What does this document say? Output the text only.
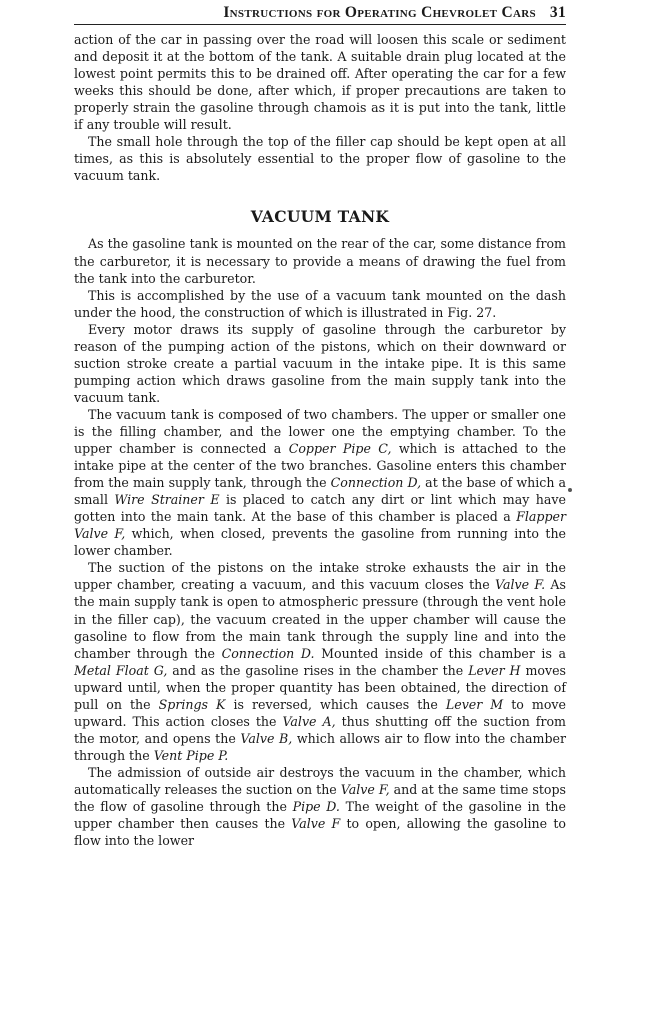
Instructions for Operating Chevrolet Cars 31

action of the car in passing over the road will loosen this scale or sediment and deposit it at the bottom of the tank. A suitable drain plug located at the lowest point permits this to be drained off. After operating the car for a few weeks this should be done, after which, if proper precautions are taken to properly strain the gasoline through chamois as it is put into the tank, little if any trouble will result.

The small hole through the top of the filler cap should be kept open at all times, as this is absolutely essential to the proper flow of gasoline to the vacuum tank.

VACUUM TANK

As the gasoline tank is mounted on the rear of the car, some distance from the carburetor, it is necessary to provide a means of drawing the fuel from the tank into the carburetor.

This is accomplished by the use of a vacuum tank mounted on the dash under the hood, the construction of which is illustrated in Fig. 27.

Every motor draws its supply of gasoline through the carburetor by reason of the pumping action of the pistons, which on their downward or suction stroke create a partial vacuum in the intake pipe. It is this same pumping action which draws gasoline from the main supply tank into the vacuum tank.

The vacuum tank is composed of two chambers. The upper or smaller one is the filling chamber, and the lower one the emptying chamber. To the upper chamber is connected a Copper Pipe C, which is attached to the intake pipe at the center of the two branches. Gasoline enters this chamber from the main supply tank, through the Connection D, at the base of which a small Wire Strainer E is placed to catch any dirt or lint which may have gotten into the main tank. At the base of this chamber is placed a Flapper Valve F, which, when closed, prevents the gasoline from running into the lower chamber.

The suction of the pistons on the intake stroke exhausts the air in the upper chamber, creating a vacuum, and this vacuum closes the Valve F. As the main supply tank is open to atmospheric pressure (through the vent hole in the filler cap), the vacuum created in the upper chamber will cause the gasoline to flow from the main tank through the supply line and into the chamber through the Connection D. Mounted inside of this chamber is a Metal Float G, and as the gasoline rises in the chamber the Lever H moves upward until, when the proper quantity has been obtained, the direction of pull on the Springs K is reversed, which causes the Lever M to move upward. This action closes the Valve A, thus shutting off the suction from the motor, and opens the Valve B, which allows air to flow into the chamber through the Vent Pipe P.

The admission of outside air destroys the vacuum in the chamber, which automatically releases the suction on the Valve F, and at the same time stops the flow of gasoline through the Pipe D. The weight of the gasoline in the upper chamber then causes the Valve F to open, allowing the gasoline to flow into the lower
